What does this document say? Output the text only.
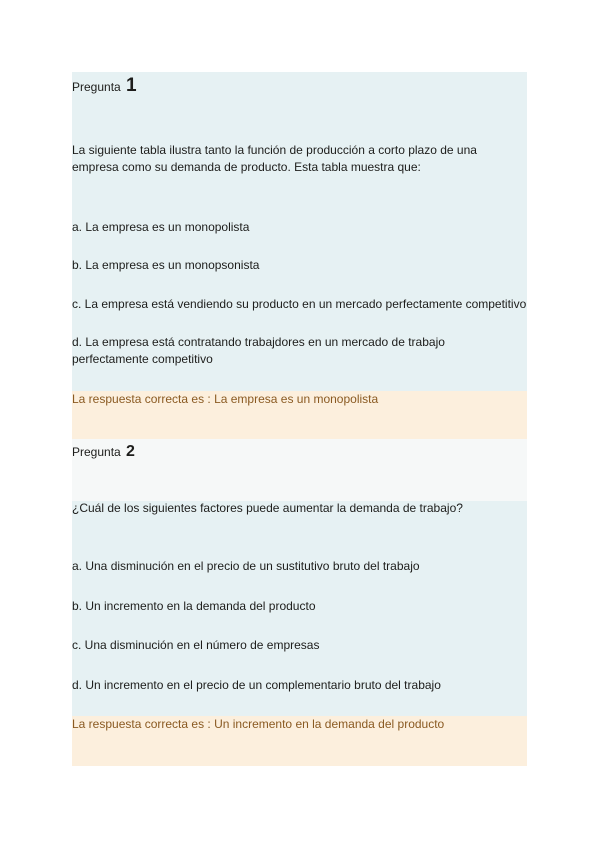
Pregunta 1
La siguiente tabla ilustra tanto la función de producción a corto plazo de una empresa como su demanda de producto. Esta tabla muestra que:
a. La empresa es un monopolista
b. La empresa es un monopsonista
c. La empresa está vendiendo su producto en un mercado perfectamente competitivo
d. La empresa está contratando trabajdores en un mercado de trabajo perfectamente competitivo
La respuesta correcta es : La empresa es un monopolista
Pregunta 2
¿Cuál de los siguientes factores puede aumentar la demanda de trabajo?
a. Una disminución en el precio de un sustitutivo bruto del trabajo
b. Un incremento en la demanda del producto
c. Una disminución en el número de empresas
d. Un incremento en el precio de un complementario bruto del trabajo
La respuesta correcta es : Un incremento en la demanda del producto
